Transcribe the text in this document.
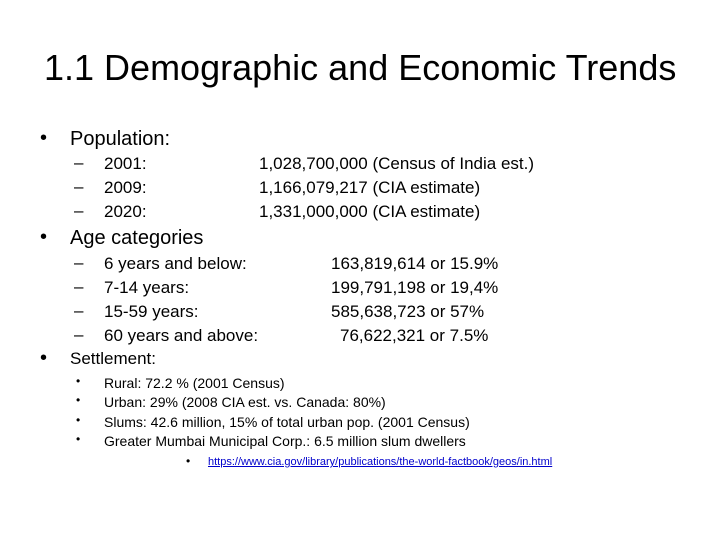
1.1 Demographic and Economic Trends
• Population:
– 2001:	1,028,700,000 (Census of India est.)
– 2009:	1,166,079,217 (CIA estimate)
– 2020:	1,331,000,000 (CIA estimate)
• Age categories
– 6 years and below:	163,819,614 or 15.9%
– 7-14 years:	199,791,198 or 19,4%
– 15-59 years:	585,638,723 or 57%
– 60 years and above:	76,622,321 or 7.5%
• Settlement:
• Rural: 72.2 % (2001 Census)
• Urban: 29% (2008 CIA est. vs. Canada: 80%)
• Slums: 42.6 million, 15% of total urban pop. (2001 Census)
• Greater Mumbai Municipal Corp.: 6.5 million slum dwellers
• https://www.cia.gov/library/publications/the-world-factbook/geos/in.html
